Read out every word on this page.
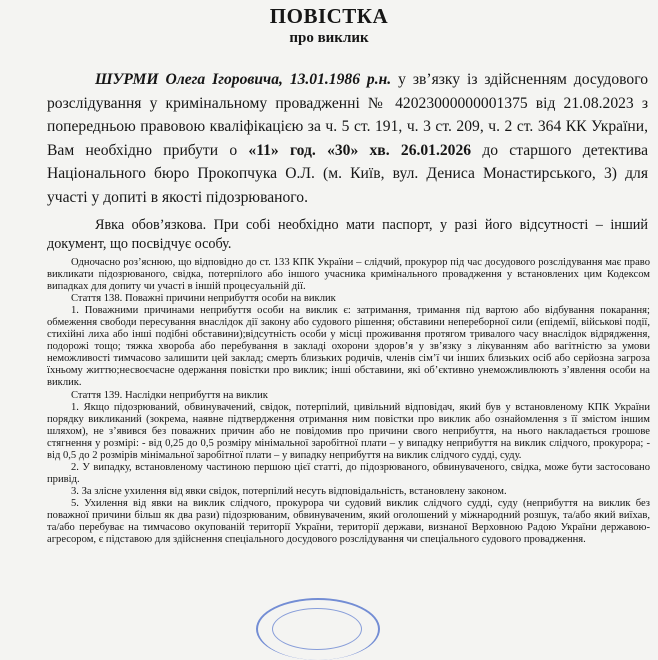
ПОВІСТКА
про виклик

ШУРМИ Олега Ігоровича, 13.01.1986 р.н. у зв’язку із здійсненням досудового розслідування у кримінальному провадженні № 42023000000001375 від 21.08.2023 з попередньою правовою кваліфікацією за ч. 5 ст. 191, ч. 3 ст. 209, ч. 2 ст. 364 КК України, Вам необхідно прибути о «11» год. «30» хв. 26.01.2026 до старшого детектива Національного бюро Прокопчука О.Л. (м. Київ, вул. Дениса Монастирського, 3) для участі у допиті в якості підозрюваного.

Явка обов’язкова. При собі необхідно мати паспорт, у разі його відсутності – інший документ, що посвідчує особу.

Одночасно роз’яснюю, що відповідно до ст. 133 КПК України – слідчий, прокурор під час досудового розслідування має право викликати підозрюваного, свідка, потерпілого або іншого учасника кримінального провадження у встановлених цим Кодексом випадках для допиту чи участі в іншій процесуальній дії.

Стаття 138. Поважні причини неприбуття особи на виклик

1. Поважними причинами неприбуття особи на виклик є: затримання, тримання під вартою або відбування покарання; обмеження свободи пересування внаслідок дії закону або судового рішення; обставини непереборної сили (епідемії, військові події, стихійні лиха або інші подібні обставини);відсутність особи у місці проживання протягом тривалого часу внаслідок відрядження, подорожі тощо; тяжка хвороба або перебування в закладі охорони здоров’я у зв’язку з лікуванням або вагітністю за умови неможливості тимчасово залишити цей заклад; смерть близьких родичів, членів сім’ї чи інших близьких осіб або серйозна загроза їхньому життю;несвоєчасне одержання повістки про виклик; інші обставини, які об’єктивно унеможливлюють з’явлення особи на виклик.

Стаття 139. Наслідки неприбуття на виклик

1. Якщо підозрюваний, обвинувачений, свідок, потерпілий, цивільний відповідач, який був у встановленому КПК України порядку викликаний (зокрема, наявне підтвердження отримання ним повістки про виклик або ознайомлення з її змістом іншим шляхом), не з’явився без поважних причин або не повідомив про причини свого неприбуття, на нього накладається грошове стягнення у розмірі: - від 0,25 до 0,5 розміру мінімальної заробітної плати – у випадку неприбуття на виклик слідчого, прокурора; - від 0,5 до 2 розмірів мінімальної заробітної плати – у випадку неприбуття на виклик слідчого судді, суду.

2. У випадку, встановленому частиною першою цієї статті, до підозрюваного, обвинуваченого, свідка, може бути застосовано привід.

3. За злісне ухилення від явки свідок, потерпілий несуть відповідальність, встановлену законом.

5. Ухилення від явки на виклик слідчого, прокурора чи судовий виклик слідчого судді, суду (неприбуття на виклик без поважної причини більш як два рази) підозрюваним, обвинуваченим, який оголошений у міжнародний розшук, та/або який виїхав, та/або перебуває на тимчасово окупованій території України, території держави, визнаної Верховною Радою України державою-агресором, є підставою для здійснення спеціального досудового розслідування чи спеціального судового провадження.
